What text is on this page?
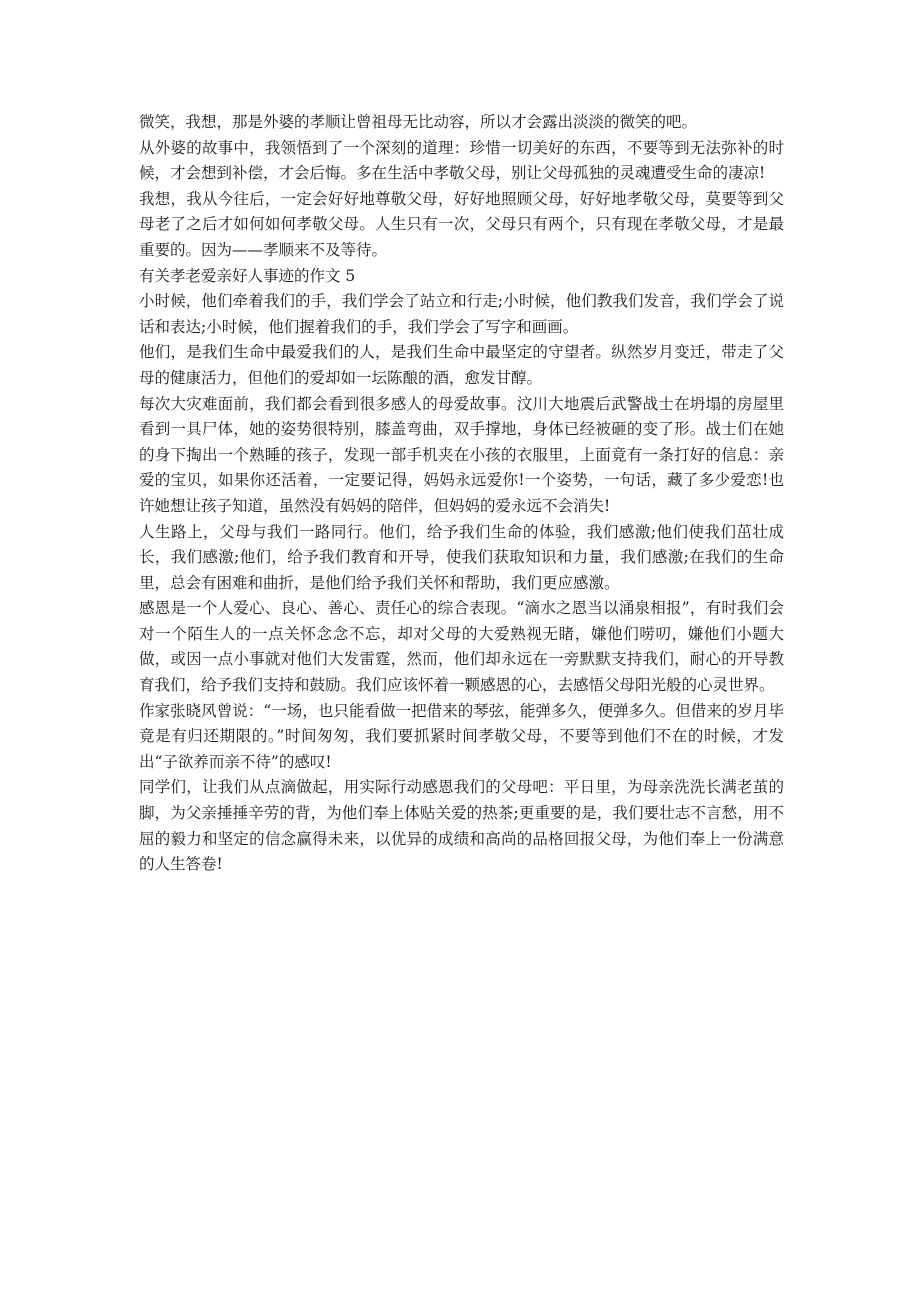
微笑，我想，那是外婆的孝顺让曾祖母无比动容，所以才会露出淡淡的微笑的吧。

从外婆的故事中，我领悟到了一个深刻的道理：珍惜一切美好的东西，不要等到无法弥补的时候，才会想到补偿，才会后悔。多在生活中孝敬父母，别让父母孤独的灵魂遭受生命的凄凉!

我想，我从今往后，一定会好好地尊敬父母，好好地照顾父母，好好地孝敬父母，莫要等到父母老了之后才如何如何孝敬父母。人生只有一次，父母只有两个，只有现在孝敬父母，才是最重要的。因为——孝顺来不及等待。

有关孝老爱亲好人事迹的作文 5

小时候，他们牵着我们的手，我们学会了站立和行走;小时候，他们教我们发音，我们学会了说话和表达;小时候，他们握着我们的手，我们学会了写字和画画。

他们，是我们生命中最爱我们的人，是我们生命中最坚定的守望者。纵然岁月变迁，带走了父母的健康活力，但他们的爱却如一坛陈酿的酒，愈发甘醇。

每次大灾难面前，我们都会看到很多感人的母爱故事。汶川大地震后武警战士在坍塌的房屋里看到一具尸体，她的姿势很特别，膝盖弯曲，双手撑地，身体已经被砸的变了形。战士们在她的身下掏出一个熟睡的孩子，发现一部手机夹在小孩的衣服里，上面竟有一条打好的信息：亲爱的宝贝，如果你还活着，一定要记得，妈妈永远爱你!一个姿势，一句话，藏了多少爱恋!也许她想让孩子知道，虽然没有妈妈的陪伴，但妈妈的爱永远不会消失!

人生路上，父母与我们一路同行。他们，给予我们生命的体验，我们感激;他们使我们茁壮成长，我们感激;他们，给予我们教育和开导，使我们获取知识和力量，我们感激;在我们的生命里，总会有困难和曲折，是他们给予我们关怀和帮助，我们更应感激。

感恩是一个人爱心、良心、善心、责任心的综合表现。“滴水之恩当以涌泉相报”，有时我们会对一个陌生人的一点关怀念念不忘，却对父母的大爱熟视无睹，嫌他们唠叨，嫌他们小题大做，或因一点小事就对他们大发雷霆，然而，他们却永远在一旁默默支持我们，耐心的开导教育我们，给予我们支持和鼓励。我们应该怀着一颗感恩的心，去感悟父母阳光般的心灵世界。

作家张晓风曾说：“一场，也只能看做一把借来的琴弦，能弹多久，便弹多久。但借来的岁月毕竟是有归还期限的。”时间匆匆，我们要抓紧时间孝敬父母，不要等到他们不在的时候，才发出“子欲养而亲不待”的感叹!

同学们，让我们从点滴做起，用实际行动感恩我们的父母吧：平日里，为母亲洗洗长满老茧的脚，为父亲捶捶辛劳的背，为他们奉上体贴关爱的热茶;更重要的是，我们要壮志不言愁，用不屈的毅力和坚定的信念赢得未来，以优异的成绩和高尚的品格回报父母，为他们奉上一份满意的人生答卷!
